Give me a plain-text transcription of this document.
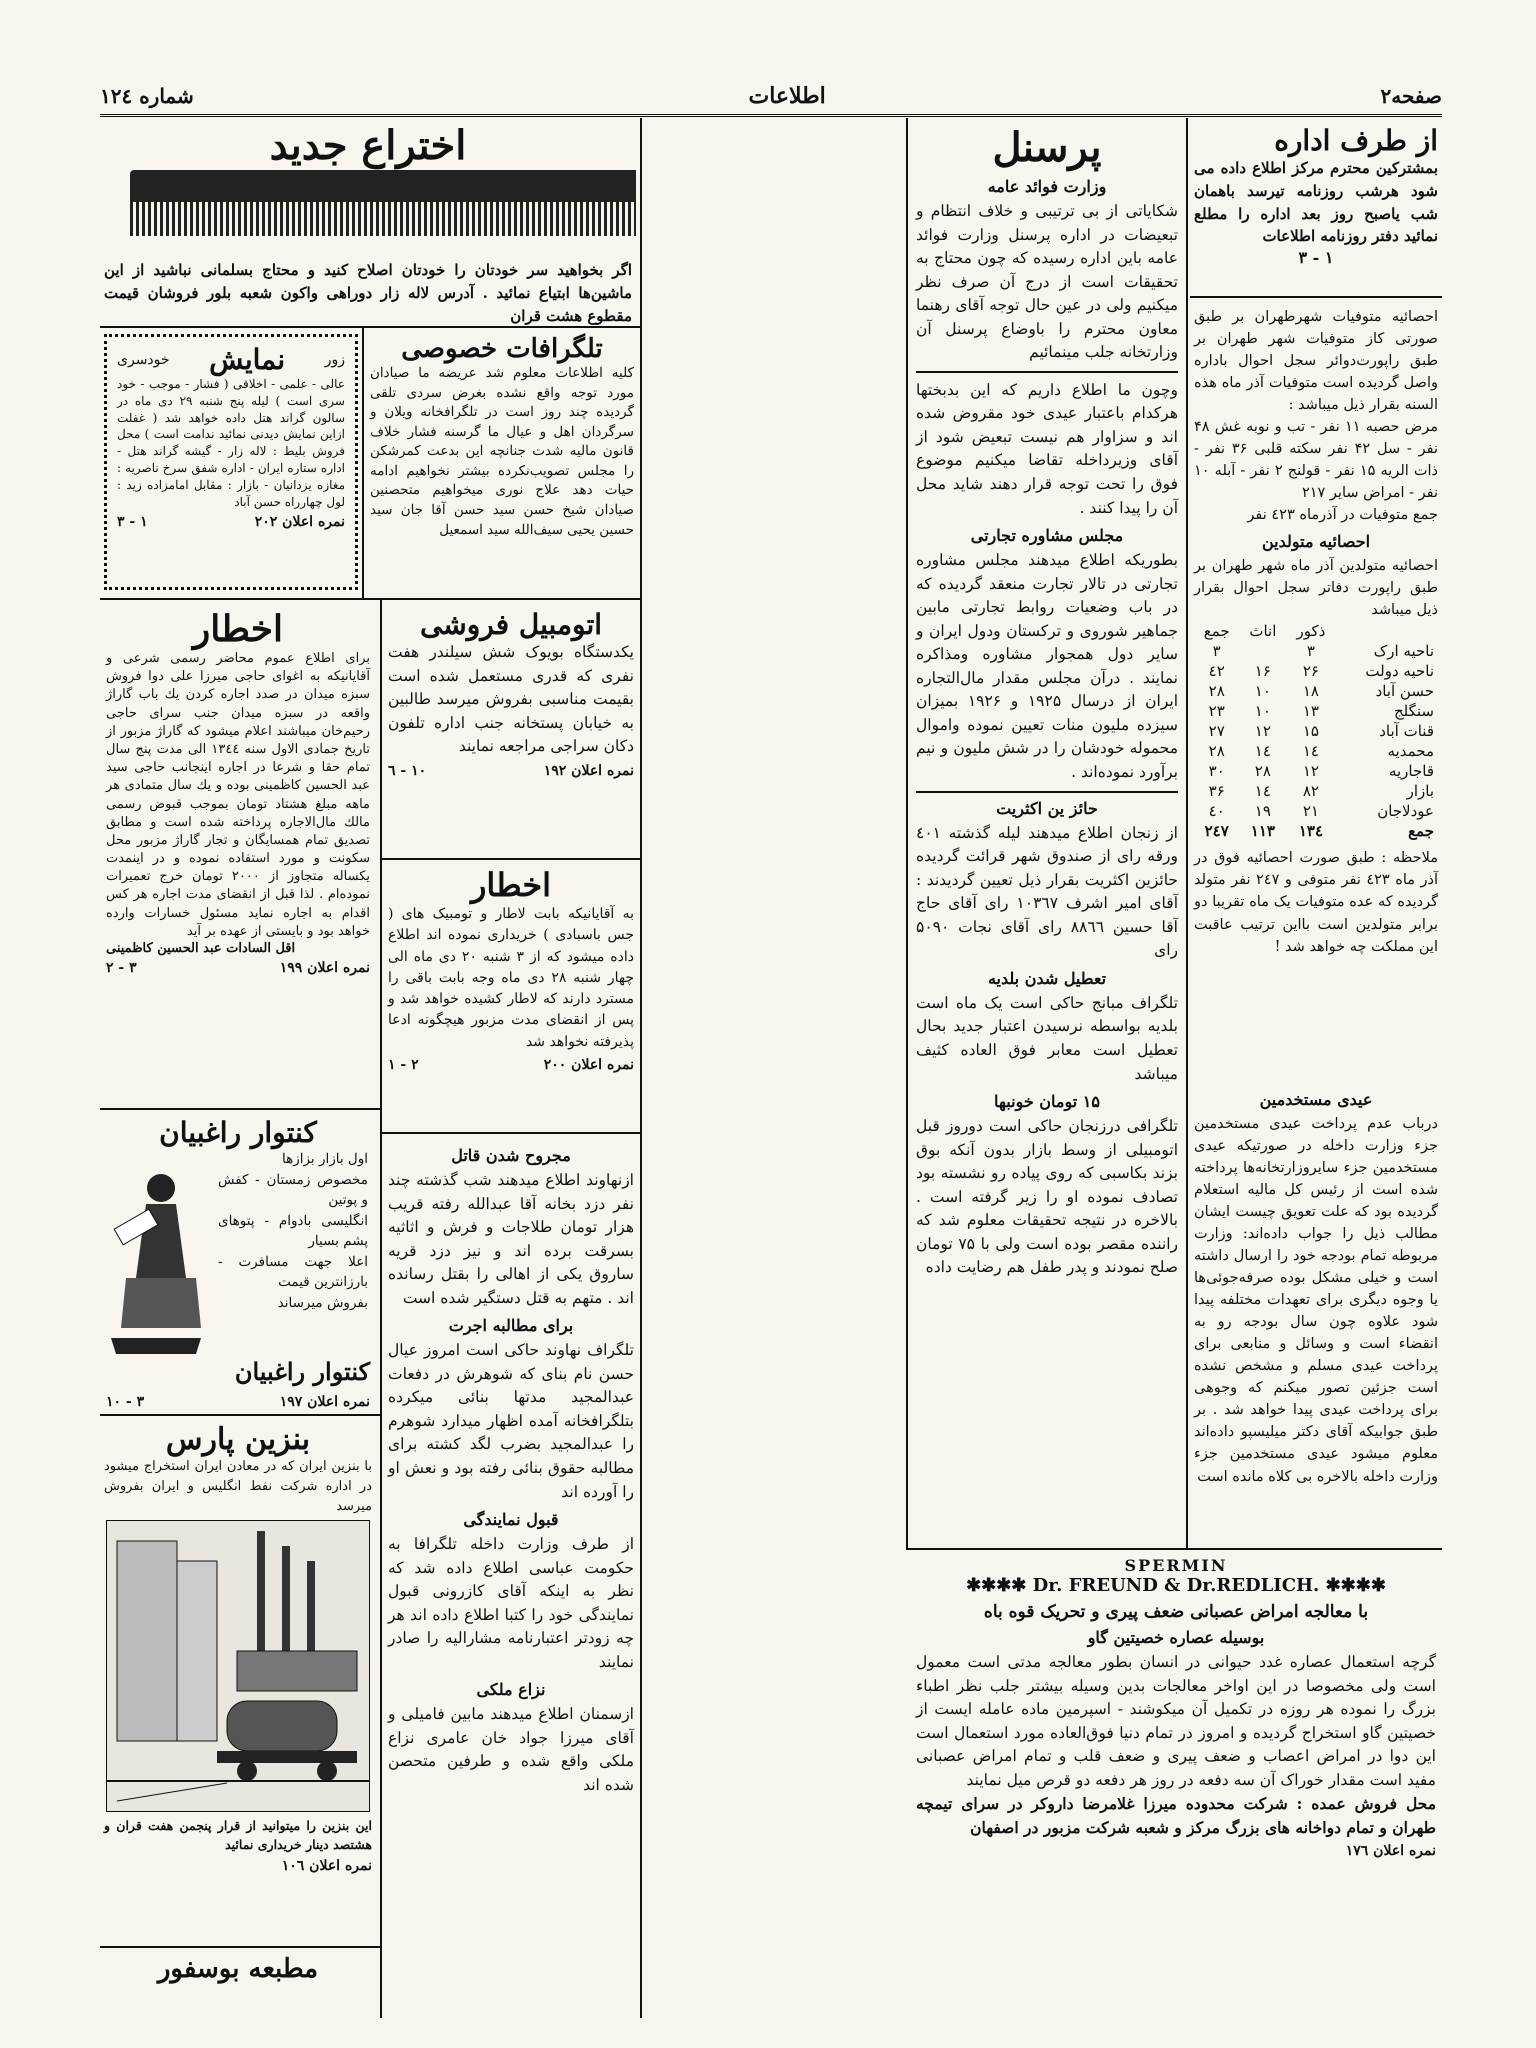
صفحه۲
اطلاعات
شماره ۱۲٤
از طرف اداره

بمشترکین محترم مرکز اطلاع داده می شود هرشب روزنامه تیرسد باهمان شب یاصبح روز بعد اداره را مطلع نمائید دفتر روزنامه اطلاعات

۱ - ۳

احصائیه متوفیات شهرطهران بر طبق صورتی کاز متوفیات شهر طهران بر طبق راپورت‌دوائر سجل احوال باداره واصل گردیده است متوفیات آذر ماه هذه السنه بقرار ذیل میباشد :

مرض حصبه ۱۱ نفر - تب و نوبه غش ۴۸ نفر - سل ۴۲ نفر سکته قلبی ۳۶ نفر - ذات الریه ۱۵ نفر - قولنج ۲ نفر - آبله ۱۰ نفر - امراض سایر ۲۱۷

جمع متوفیات در آذرماه ٤٢٣ نفر

احصائیه متولدین

احصائیه متولدین آذر ماه شهر طهران بر طبق راپورت دفاتر سجل احوال بقرار ذیل میباشد

	ذکور	اناث	جمع
ناحیه ارک	۳		۳
ناحیه دولت	۲۶	۱۶	٤۲
حسن آباد	۱۸	۱۰	۲۸
سنگلج	۱۳	۱۰	۲۳
قنات آباد	۱۵	۱۲	۲۷
محمدیه	۱٤	۱٤	۲۸
قاجاریه	۱۲	۲۸	۳۰
بازار	۸۲	۱٤	۳۶
عودلاجان	۲۱	۱۹	٤۰
جمع	۱۳٤	۱۱۳	۲٤۷

ملاحظه : طبق صورت احصائیه فوق در آذر ماه ٤٢٣ نفر متوفی و ۲٤۷ نفر متولد گردیده که عده متوفیات یک ماه تقریبا دو برابر متولدین است بااین ترتیب عاقبت این مملکت چه خواهد شد !

عیدی مستخدمین

درباب عدم پرداخت عیدی مستخدمین جزء وزارت داخله در صورتیکه عیدی مستخدمین جزء سایروزارتخانه‌ها پرداخته شده است از رئیس کل مالیه استعلام گردیده بود که علت تعویق چیست ایشان مطالب ذیل را جواب داده‌اند: وزارت مربوطه تمام بودجه خود را ارسال داشته است و خیلی مشکل بوده صرفه‌جوئی‌ها یا وجوه دیگری برای تعهدات مختلفه پیدا شود علاوه چون سال بودجه رو به انقضاء است و وسائل و منابعی برای پرداخت عیدی مسلم و مشخص نشده است جزئین تصور میکنم که وجوهی برای پرداخت عیدی پیدا خواهد شد . بر طبق جوابیکه آقای دکتر میلیسپو داده‌اند معلوم میشود عیدی مستخدمین جزء وزارت داخله بالاخره بی کلاه مانده است

پرسنل
وزارت فوائد عامه

شکایاتی از بی ترتیبی و خلاف انتظام و تبعیضات در اداره پرسنل وزارت فوائد عامه باین اداره رسیده که چون محتاج به تحقیقات است از درج آن صرف نظر میکنیم ولی در عین حال توجه آقای رهنما معاون محترم را باوضاع پرسنل آن وزارتخانه جلب مینمائیم

وچون ما اطلاع داریم که این بدبختها هرکدام باعتبار عیدی خود مقروض شده اند و سزاوار هم نیست تبعیض شود از آقای وزیرداخله تقاضا میکنیم موضوع فوق را تحت توجه قرار دهند شاید محل آن را پیدا کنند .

مجلس مشاوره تجارتی

بطوریکه اطلاع میدهند مجلس مشاوره تجارتی در تالار تجارت منعقد گردیده که در باب وضعیات روابط تجارتی مابین جماهیر شوروی و ترکستان ودول ایران و سایر دول همجوار مشاوره ومذاکره نمایند . درآن مجلس مقدار مال‌التجاره ایران از درسال ۱۹۲۵ و ۱۹۲۶ بمیزان سیزده ملیون منات تعیین نموده واموال محموله خودشان را در شش ملیون و نیم برآورد نموده‌اند .

حائز ین اکثریت

از زنجان اطلاع میدهند لیله گذشته ٤۰۱ ورقه رای از صندوق شهر قرائت گردیده حائزین اکثریت بقرار ذیل تعیین گردیدند : آقای امیر اشرف ۱۰۳٦۷ رای آقای حاج آقا حسین ۸۸٦٦ رای آقای نجات ۵۰۹۰ رای

تعطیل شدن بلدیه

تلگراف مبانج حاکی است یک ماه است بلدیه بواسطه نرسیدن اعتبار جدید بحال تعطیل است معابر فوق العاده کثیف میباشد

۱۵ تومان خونبها

تلگرافی درزنجان حاکی است دوروز قبل اتومبیلی از وسط بازار بدون آنکه بوق بزند بکاسبی که روی پیاده رو نشسته بود تصادف نموده او را زیر گرفته است . بالاخره در نتیجه تحقیقات معلوم شد که راننده مقصر بوده است ولی با ۷۵ تومان صلح نمودند و پدر طفل هم رضایت داده

SPERMIN
✱✱✱✱ Dr. FREUND & Dr.REDLICH. ✱✱✱✱
با معالجه امراض عصبانی ضعف پیری و تحریک قوه باه
بوسیله عصاره خصیتین گاو

گرچه استعمال عصاره غدد حیوانی در انسان بطور معالجه مدتی است معمول است ولی مخصوصا در این اواخر معالجات بدین وسیله بیشتر جلب نظر اطباء بزرگ را نموده هر روزه در تکمیل آن میکوشند - اسپرمین ماده عامله ایست از خصیتین گاو استخراج گردیده و امروز در تمام دنیا فوق‌العاده مورد استعمال است این دوا در امراض اعصاب و ضعف پیری و ضعف قلب و تمام امراض عصبانی مفید است مقدار خوراک آن سه دفعه در روز هر دفعه دو قرص میل نمایند

محل فروش عمده : شرکت محدوده میرزا غلامرضا داروکر در سرای تیمچه طهران و تمام دواخانه های بزرگ مرکز و شعبه شرکت مزبور در اصفهان

نمره اعلان ۱۷٦
اختراع جدید

اگر بخواهید سر خودتان را خودتان اصلاح کنید و محتاج بسلمانی نباشید از این ماشین‌ها ابتیاع نمائید . آدرس لاله زار دوراهی واکون شعبه بلور فروشان قیمت مقطوع هشت قران

زور
نمایش
خودسری

عالی - علمی - اخلاقی ( فشار - موجب - خود سری است ) لیله پنج شنبه ۲۹ دی ماه در سالون گراند هتل داده خواهد شد ( غفلت ازاین نمایش دیدنی نمائید ندامت است ) محل فروش بلیط : لاله زار - گیشه گراند هتل - اداره ستاره ایران - اداره شفق سرخ ناصریه : مغازه یزدانیان - بازار : مقابل امامزاده زید : لول چهارراه حسن آباد

نمره اعلان ۲۰۲
۱ - ۳
تلگرافات خصوصی

کلیه اطلاعات معلوم شد عریضه ما صیادان مورد توجه واقع نشده بغرض سردی تلقی گردیده چند روز است در تلگرافخانه ویلان و سرگردان اهل و عیال ما گرسنه فشار خلاف قانون مالیه شدت جنانچه این بدعت کمرشکن را مجلس تصویب‌نکرده بیشتر نخواهیم ادامه حیات دهد علاج نوری میخواهیم متحصنین صیادان شیخ حسن سید حسن آقا جان سید حسین یحیی سیف‌الله سید اسمعیل

اخطار

برای اطلاع عموم محاضر رسمی شرعی و آقایانیکه به اغوای حاجی میرزا علی دوا فروش سبزه میدان در صدد اجاره کردن یك باب گاراژ واقعه در سبزه میدان جنب سرای حاجی رحیم‌خان میباشند اعلام میشود که گاراژ مزبور از تاریخ جمادی الاول سنه ۱۳٤٤ الی مدت پنج سال تمام حقا و شرعا در اجاره اینجانب حاجی سید عبد الحسین کاظمینی بوده و یك سال متمادی هر ماهه مبلغ هشتاد تومان بموجب قبوض رسمی مالك مال‌الاجاره پرداخته شده است و مطابق تصدیق تمام همسایگان و تجار گاراژ مزبور محل سکونت و مورد استفاده نموده و در اینمدت یکساله متجاوز از ۲۰۰۰ تومان خرج تعمیرات نموده‌ام . لذا قبل از انقضای مدت اجاره هر کس اقدام به اجاره نماید مسئول خسارات وارده خواهد بود و بایستی از عهده بر آید

اقل السادات عبد الحسین کاظمینی
نمره اعلان ۱۹۹
۳ - ۲
اتومبیل فروشی

یکدستگاه بویوک شش سیلندر هفت نفری که قدری مستعمل شده است بقیمت مناسبی بفروش میرسد طالبین به خیابان پستخانه جنب اداره تلفون دکان سراجی مراجعه نمایند

نمره اعلان ۱۹۲
۱۰ - ٦
اخطار

به آقایانیکه بابت لاطار و تومبیک های ( جس باسبادی ) خریداری نموده اند اطلاع داده میشود که از ۳ شنبه ۲۰ دی ماه الی چهار شنبه ۲۸ دی ماه وجه بابت باقی را مسترد دارند که لاطار کشیده خواهد شد و پس از انقضای مدت مزبور هیچگونه ادعا پذیرفته نخواهد شد

نمره اعلان ۲۰۰
۲ - ۱
مجروح شدن قاتل

ازنهاوند اطلاع میدهند شب گذشته چند نفر دزد بخانه آقا عبدالله رفته قریب هزار تومان طلاجات و فرش و اثاثیه بسرقت برده اند و نیز دزد قریه ساروق یکی از اهالی را بقتل رسانده اند . متهم به قتل دستگیر شده است

برای مطالبه اجرت

تلگراف نهاوند حاکی است امروز عیال حسن نام بنای که شوهرش در دفعات عبدالمجید مدتها بنائی میکرده بتلگرافخانه آمده اظهار میدارد شوهرم را عبدالمجید بضرب لگد کشته برای مطالبه حقوق بنائی رفته بود و نعش او را آورده اند

قبول نمایندگی

از طرف وزارت داخله تلگرافا به حکومت عباسی اطلاع داده شد که نظر به اینکه آقای کازرونی قبول نمایندگی خود را کتبا اطلاع داده اند هر چه زودتر اعتبارنامه مشارالیه را صادر نمایند

نزاع ملکی

ازسمنان اطلاع میدهند مابین فامیلی و آقای میرزا جواد خان عامری نزاع ملکی واقع شده و طرفین متحصن شده اند

کنتوار راغبیان

اول بازار بزازها

مخصوص زمستان - کفش و پوتین

انگلیسی بادوام - پتوهای پشم بسیار

اعلا جهت مسافرت - بارزانترین قیمت

بفروش میرساند

کنتوار راغبیان
نمره اعلان ۱۹۷
۳ - ۱۰
بنزین پارس

با بنزین ایران که در معادن ایران استخراج میشود در اداره شرکت نفط انگلیس و ایران بفروش میرسد

این بنزین را میتوانید از قرار پنجمن هفت قران و هشتصد دینار خریداری نمائید

نمره اعلان ۱۰٦
مطبعه بوسفور
